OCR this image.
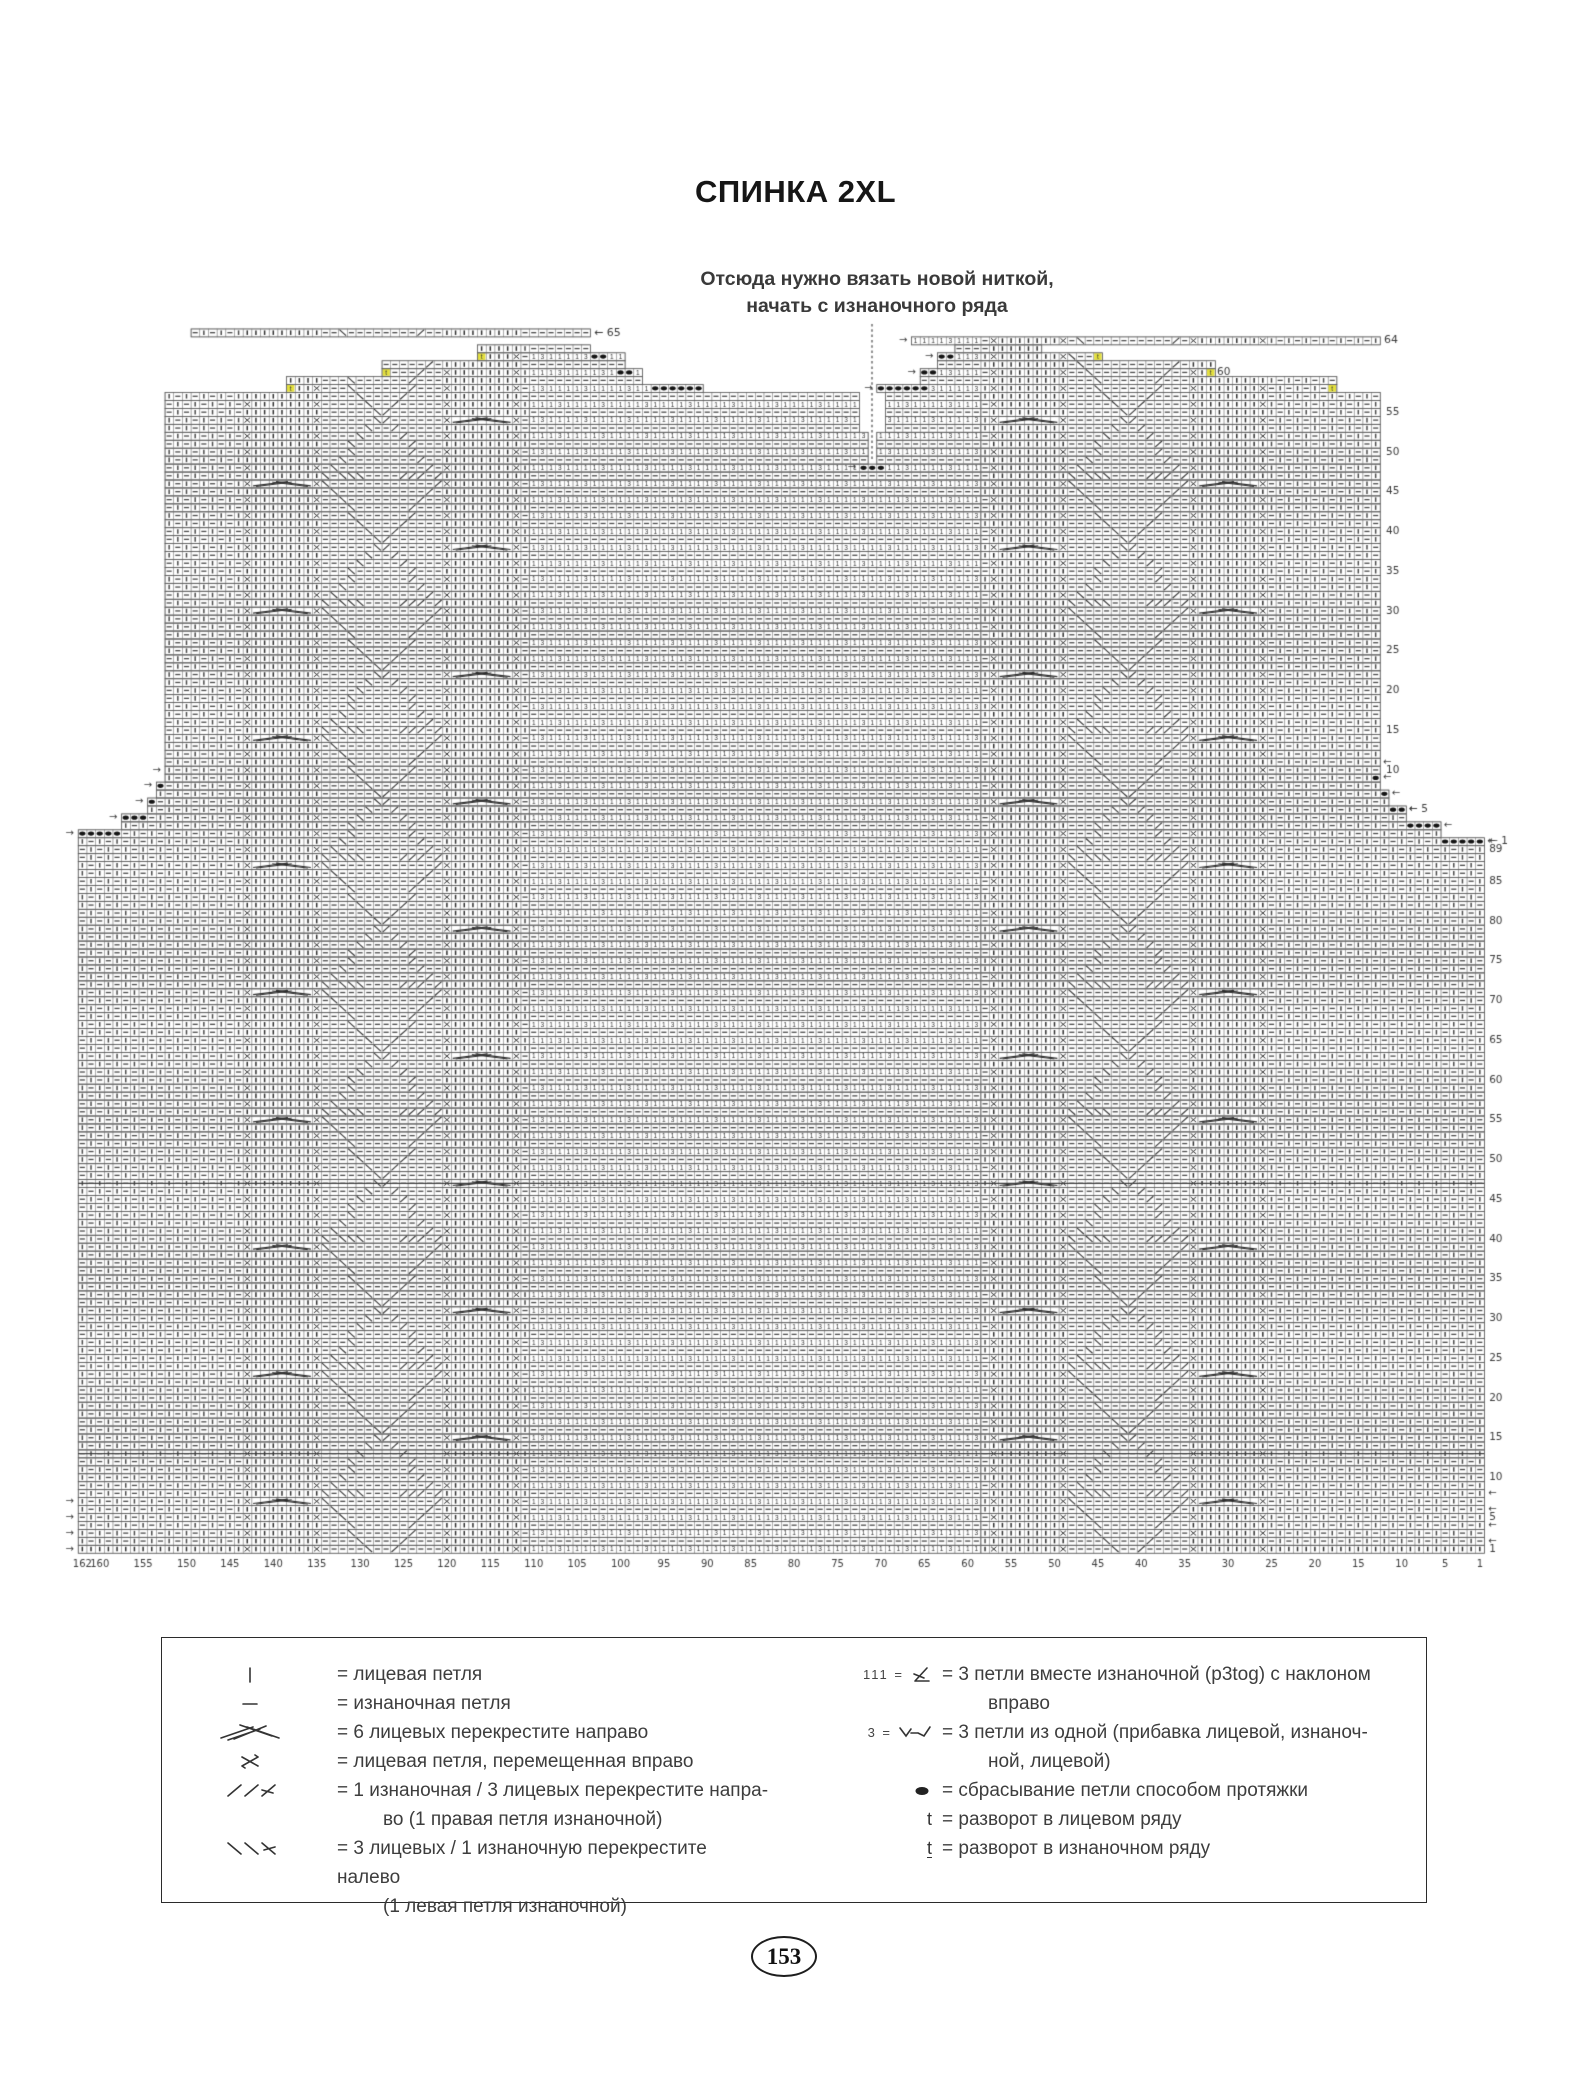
= лицевая петля
= изнаночная петля
= 6 лицевых перекрестите направо
= лицевая петля, перемещенная вправо
= 1 изнаночная / 3 лицевых перекрестите напра-
во (1 правая петля изнаночной)
= 3 лицевых / 1 изнаночную перекрестите налево
(1 левая петля изнаночной)
111 = = 3 петли вместе изнаночной (p3tog) с наклоном
вправо
3 =	= 3 петли из одной (прибавка лицевой, изнаноч-
ной, лицевой)
= сбрасывание петли способом протяжки
t = разворот в лицевом ряду
t = разворот в изнаночном ряду
153
